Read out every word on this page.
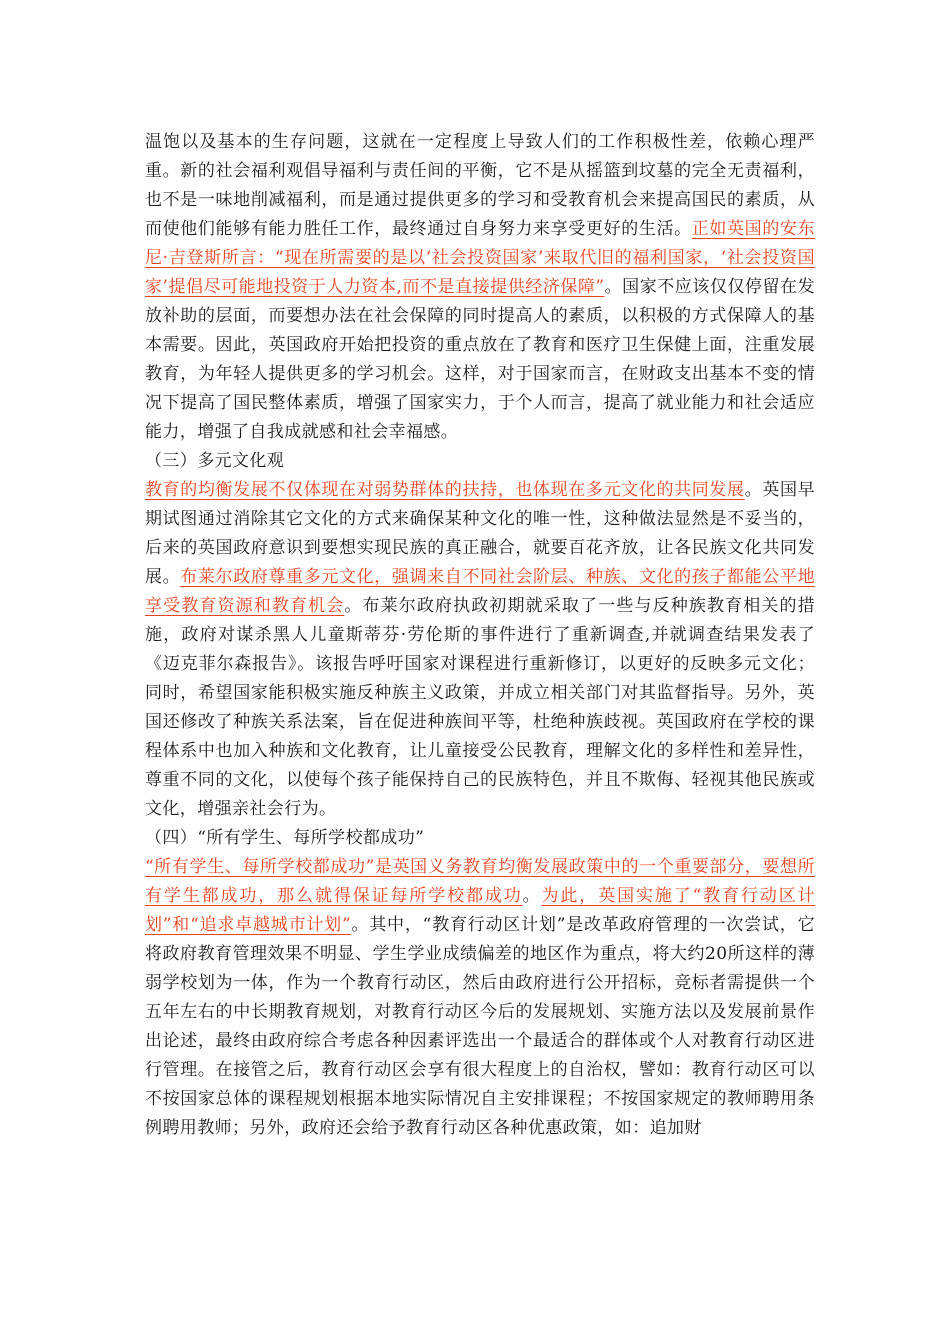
温饱以及基本的生存问题，这就在一定程度上导致人们的工作积极性差，依赖心理严重。新的社会福利观倡导福利与责任间的平衡，它不是从摇篮到坟墓的完全无责福利，也不是一味地削减福利，而是通过提供更多的学习和受教育机会来提高国民的素质，从而使他们能够有能力胜任工作，最终通过自身努力来享受更好的生活。正如英国的安东尼·吉登斯所言：“现在所需要的是以‘社会投资国家’来取代旧的福利国家，‘社会投资国家’提倡尽可能地投资于人力资本,而不是直接提供经济保障”。国家不应该仅仅停留在发放补助的层面，而要想办法在社会保障的同时提高人的素质，以积极的方式保障人的基本需要。因此，英国政府开始把投资的重点放在了教育和医疗卫生保健上面，注重发展教育，为年轻人提供更多的学习机会。这样，对于国家而言，在财政支出基本不变的情况下提高了国民整体素质，增强了国家实力，于个人而言，提高了就业能力和社会适应能力，增强了自我成就感和社会幸福感。

（三）多元文化观

教育的均衡发展不仅体现在对弱势群体的扶持，也体现在多元文化的共同发展。英国早期试图通过消除其它文化的方式来确保某种文化的唯一性，这种做法显然是不妥当的，后来的英国政府意识到要想实现民族的真正融合，就要百花齐放，让各民族文化共同发展。布莱尔政府尊重多元文化，强调来自不同社会阶层、种族、文化的孩子都能公平地享受教育资源和教育机会。布莱尔政府执政初期就采取了一些与反种族教育相关的措施，政府对谋杀黑人儿童斯蒂芬·劳伦斯的事件进行了重新调查,并就调查结果发表了《迈克菲尔森报告》。该报告呼吁国家对课程进行重新修订，以更好的反映多元文化；同时，希望国家能积极实施反种族主义政策，并成立相关部门对其监督指导。另外，英国还修改了种族关系法案，旨在促进种族间平等，杜绝种族歧视。英国政府在学校的课程体系中也加入种族和文化教育，让儿童接受公民教育，理解文化的多样性和差异性，尊重不同的文化，以使每个孩子能保持自己的民族特色，并且不欺侮、轻视其他民族或文化，增强亲社会行为。

（四）“所有学生、每所学校都成功”

“所有学生、每所学校都成功”是英国义务教育均衡发展政策中的一个重要部分，要想所有学生都成功，那么就得保证每所学校都成功。为此，英国实施了“教育行动区计划”和“追求卓越城市计划”。其中，“教育行动区计划”是改革政府管理的一次尝试，它将政府教育管理效果不明显、学生学业成绩偏差的地区作为重点，将大约20所这样的薄弱学校划为一体，作为一个教育行动区，然后由政府进行公开招标，竞标者需提供一个五年左右的中长期教育规划，对教育行动区今后的发展规划、实施方法以及发展前景作出论述，最终由政府综合考虑各种因素评选出一个最适合的群体或个人对教育行动区进行管理。在接管之后，教育行动区会享有很大程度上的自治权，譬如：教育行动区可以不按国家总体的课程规划根据本地实际情况自主安排课程；不按国家规定的教师聘用条例聘用教师；另外，政府还会给予教育行动区各种优惠政策，如：追加财
